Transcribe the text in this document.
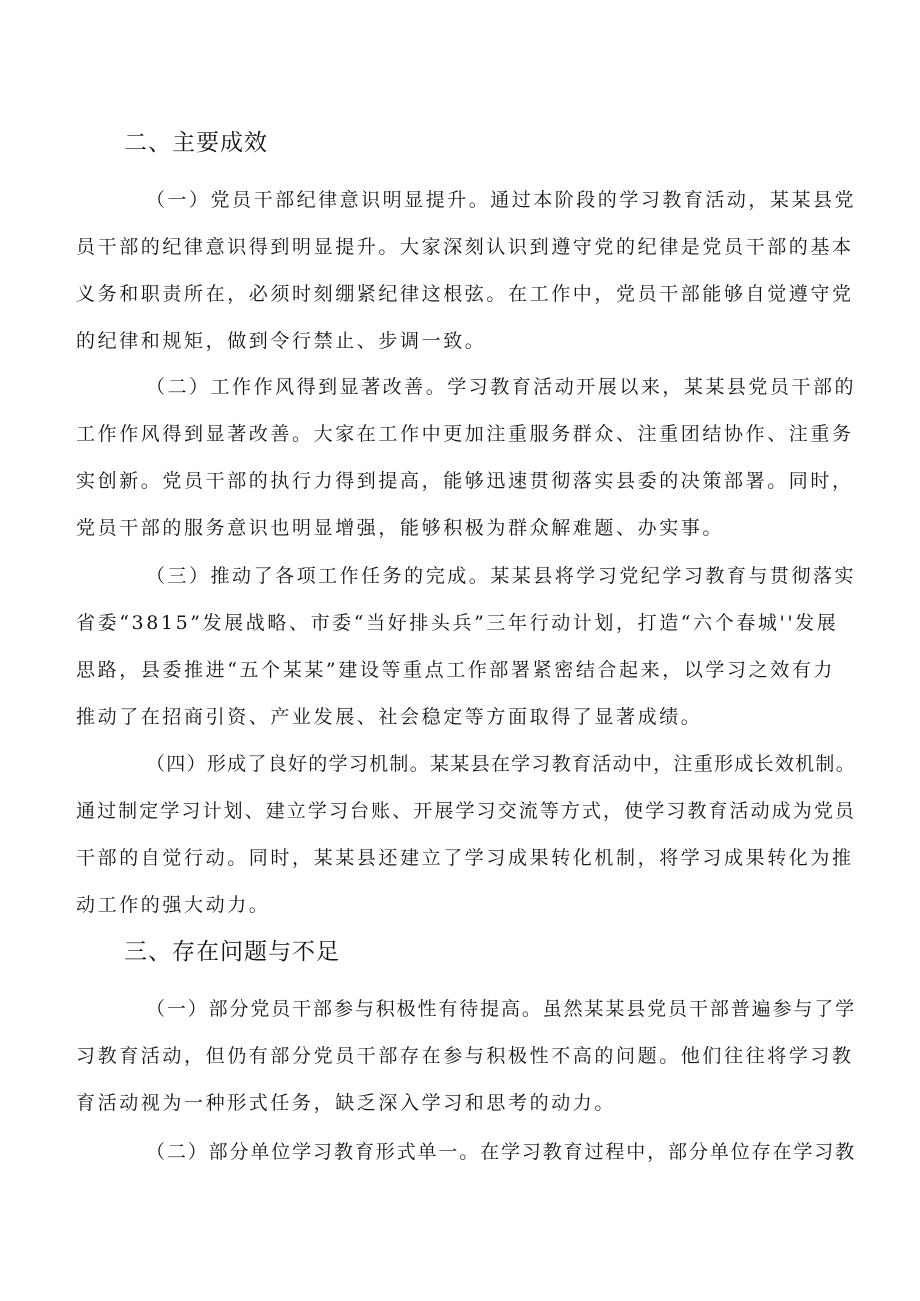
二、主要成效
（一）党员干部纪律意识明显提升。通过本阶段的学习教育活动，某某县党
员干部的纪律意识得到明显提升。大家深刻认识到遵守党的纪律是党员干部的基本
义务和职责所在，必须时刻绷紧纪律这根弦。在工作中，党员干部能够自觉遵守党
的纪律和规矩，做到令行禁止、步调一致。
（二）工作作风得到显著改善。学习教育活动开展以来，某某县党员干部的
工作作风得到显著改善。大家在工作中更加注重服务群众、注重团结协作、注重务
实创新。党员干部的执行力得到提高，能够迅速贯彻落实县委的决策部署。同时，
党员干部的服务意识也明显增强，能够积极为群众解难题、办实事。
（三）推动了各项工作任务的完成。某某县将学习党纪学习教育与贯彻落实
省委“3815”发展战略、市委“当好排头兵”三年行动计划，打造“六个春城''发展
思路，县委推进“五个某某”建设等重点工作部署紧密结合起来，以学习之效有力
推动了在招商引资、产业发展、社会稳定等方面取得了显著成绩。
（四）形成了良好的学习机制。某某县在学习教育活动中，注重形成长效机制。
通过制定学习计划、建立学习台账、开展学习交流等方式，使学习教育活动成为党员
干部的自觉行动。同时，某某县还建立了学习成果转化机制，将学习成果转化为推
动工作的强大动力。
三、存在问题与不足
（一）部分党员干部参与积极性有待提高。虽然某某县党员干部普遍参与了学
习教育活动，但仍有部分党员干部存在参与积极性不高的问题。他们往往将学习教
育活动视为一种形式任务，缺乏深入学习和思考的动力。
（二）部分单位学习教育形式单一。在学习教育过程中，部分单位存在学习教
